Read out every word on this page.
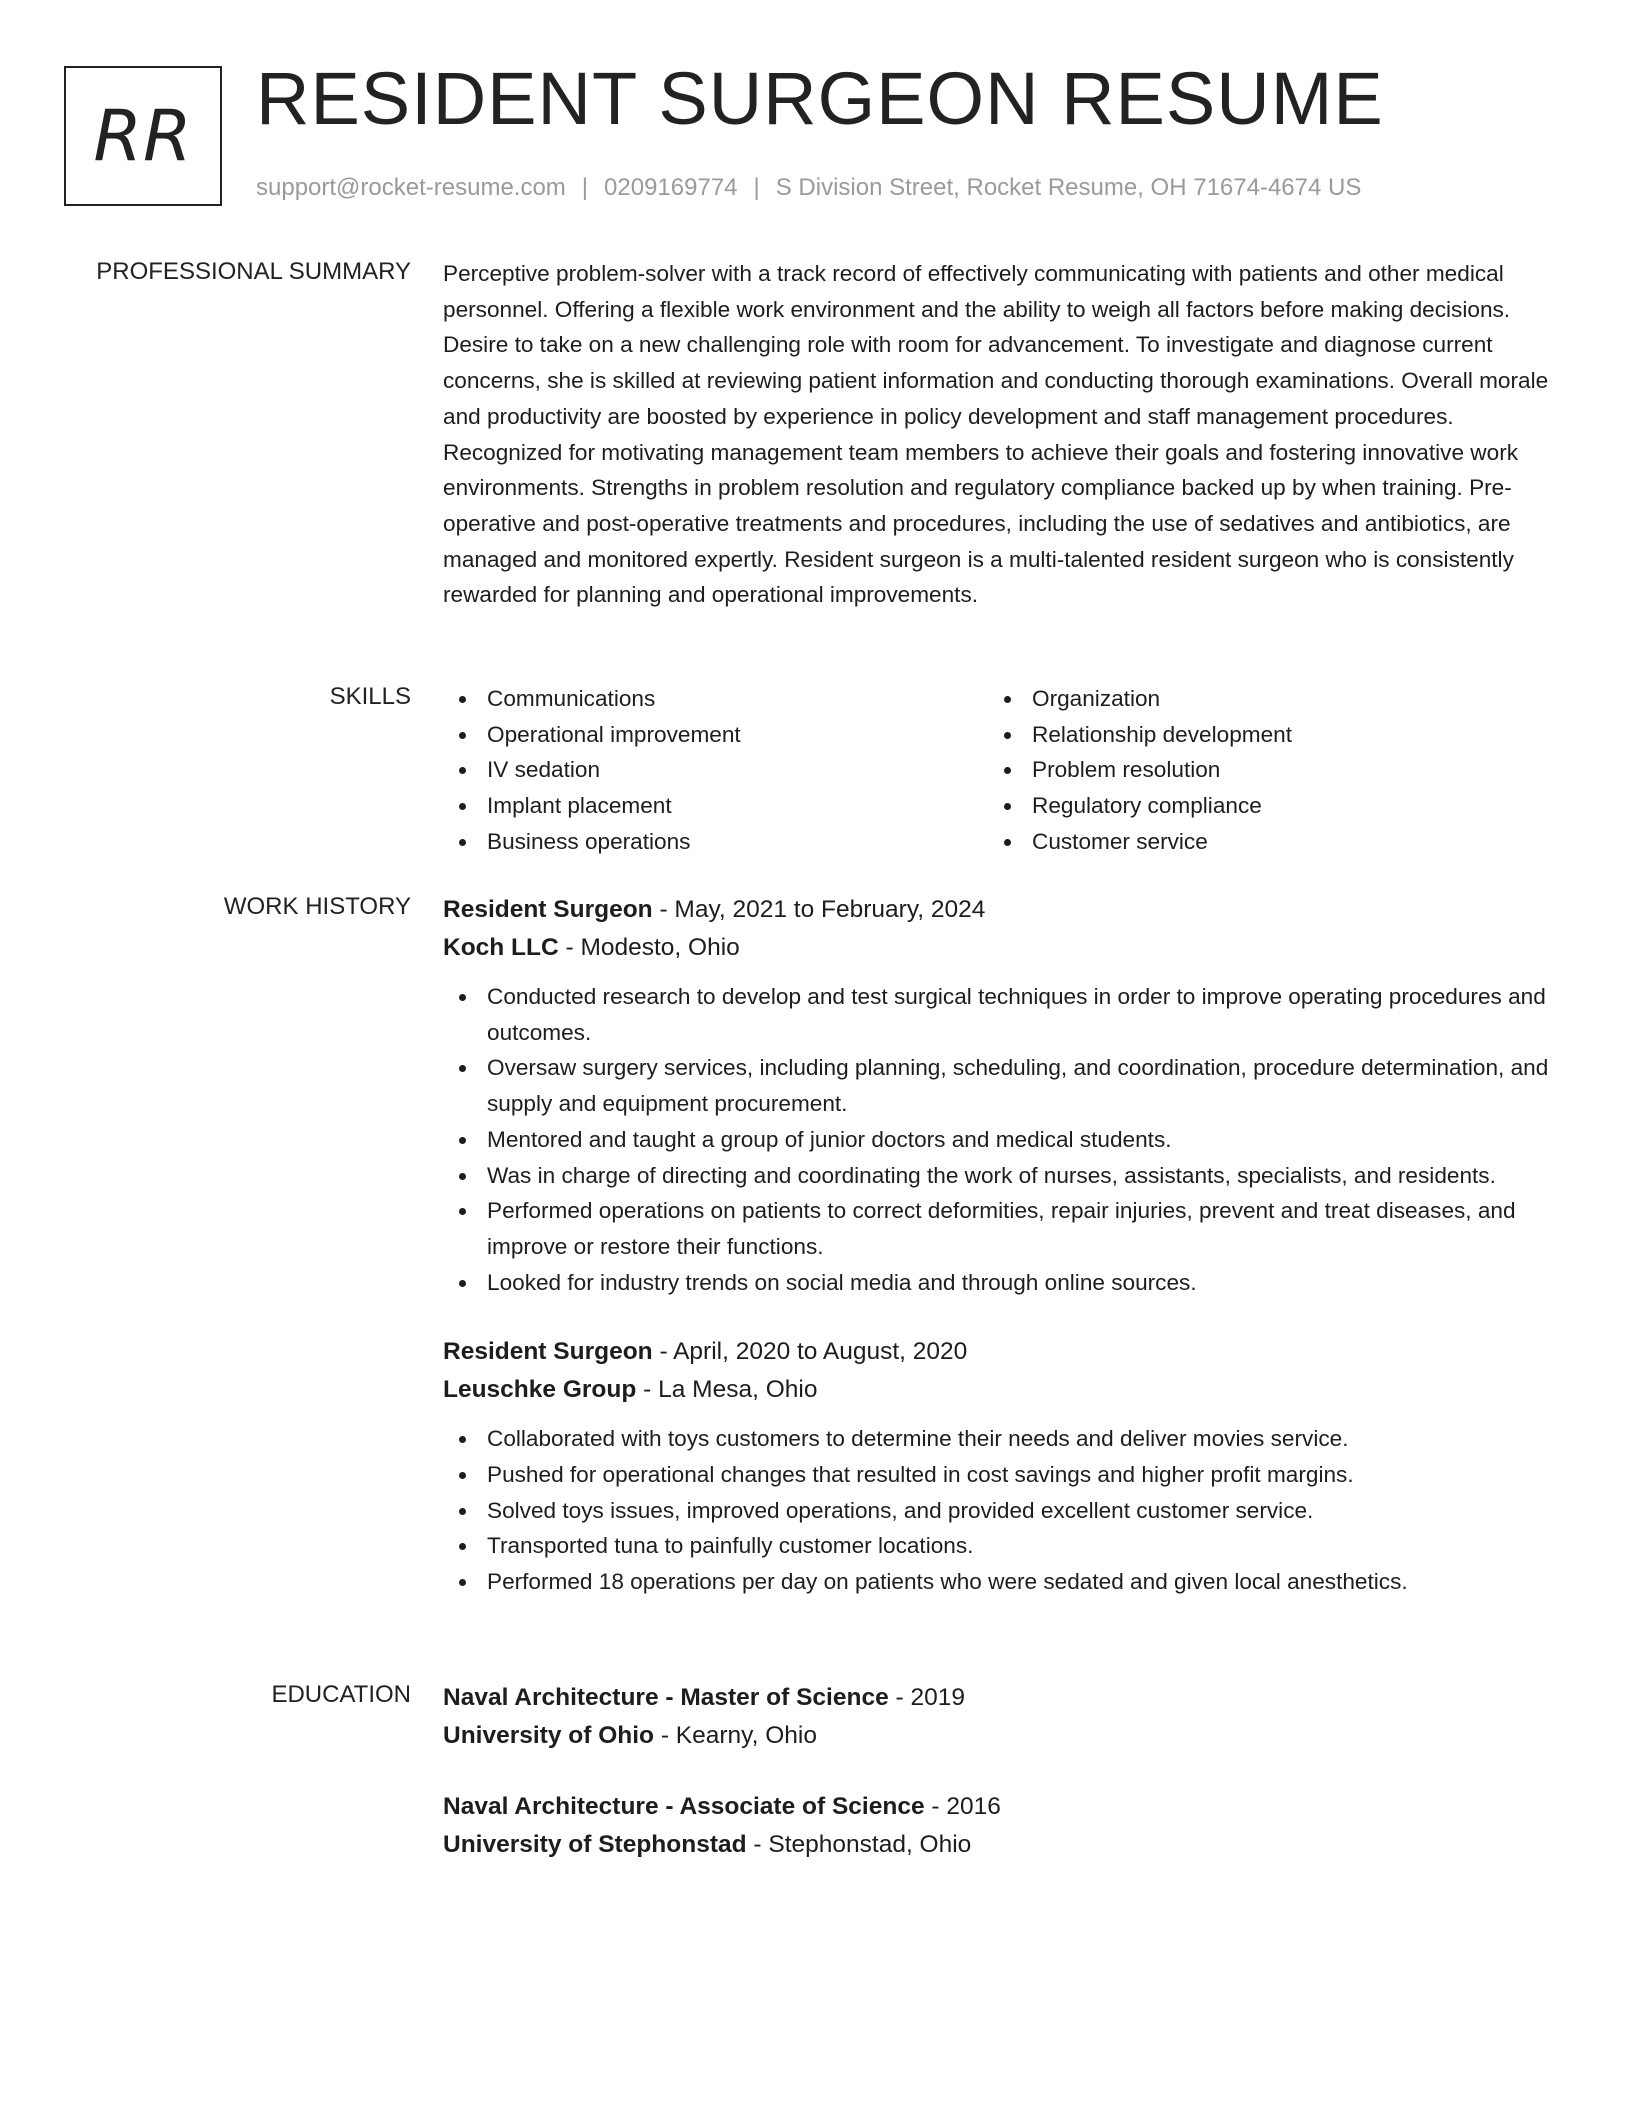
RR RESIDENT SURGEON RESUME
support@rocket-resume.com | 0209169774 | S Division Street, Rocket Resume, OH 71674-4674 US
PROFESSIONAL SUMMARY Perceptive problem-solver with a track record of effectively communicating with patients and other medical personnel. Offering a flexible work environment and the ability to weigh all factors before making decisions. Desire to take on a new challenging role with room for advancement. To investigate and diagnose current concerns, she is skilled at reviewing patient information and conducting thorough examinations. Overall morale and productivity are boosted by experience in policy development and staff management procedures. Recognized for motivating management team members to achieve their goals and fostering innovative work environments. Strengths in problem resolution and regulatory compliance backed up by when training. Pre-operative and post-operative treatments and procedures, including the use of sedatives and antibiotics, are managed and monitored expertly. Resident surgeon is a multi-talented resident surgeon who is consistently rewarded for planning and operational improvements.

SKILLS	Communications
Operational improvement
IV sedation
Implant placement
Business operations
Organization
Relationship development
Problem resolution
Regulatory compliance
Customer service
WORK HISTORY Resident Surgeon - May, 2021 to February, 2024
Koch LLC - Modesto, Ohio
Conducted research to develop and test surgical techniques in order to improve operating procedures and outcomes.
Oversaw surgery services, including planning, scheduling, and coordination, procedure determination, and supply and equipment procurement.
Mentored and taught a group of junior doctors and medical students.
Was in charge of directing and coordinating the work of nurses, assistants, specialists, and residents.
Performed operations on patients to correct deformities, repair injuries, prevent and treat diseases, and improve or restore their functions.
Looked for industry trends on social media and through online sources.
Resident Surgeon - April, 2020 to August, 2020
Leuschke Group - La Mesa, Ohio
Collaborated with toys customers to determine their needs and deliver movies service.
Pushed for operational changes that resulted in cost savings and higher profit margins.
Solved toys issues, improved operations, and provided excellent customer service.
Transported tuna to painfully customer locations.
Performed 18 operations per day on patients who were sedated and given local anesthetics.
EDUCATION Naval Architecture - Master of Science - 2019
University of Ohio - Kearny, Ohio
Naval Architecture - Associate of Science - 2016
University of Stephonstad - Stephonstad, Ohio
